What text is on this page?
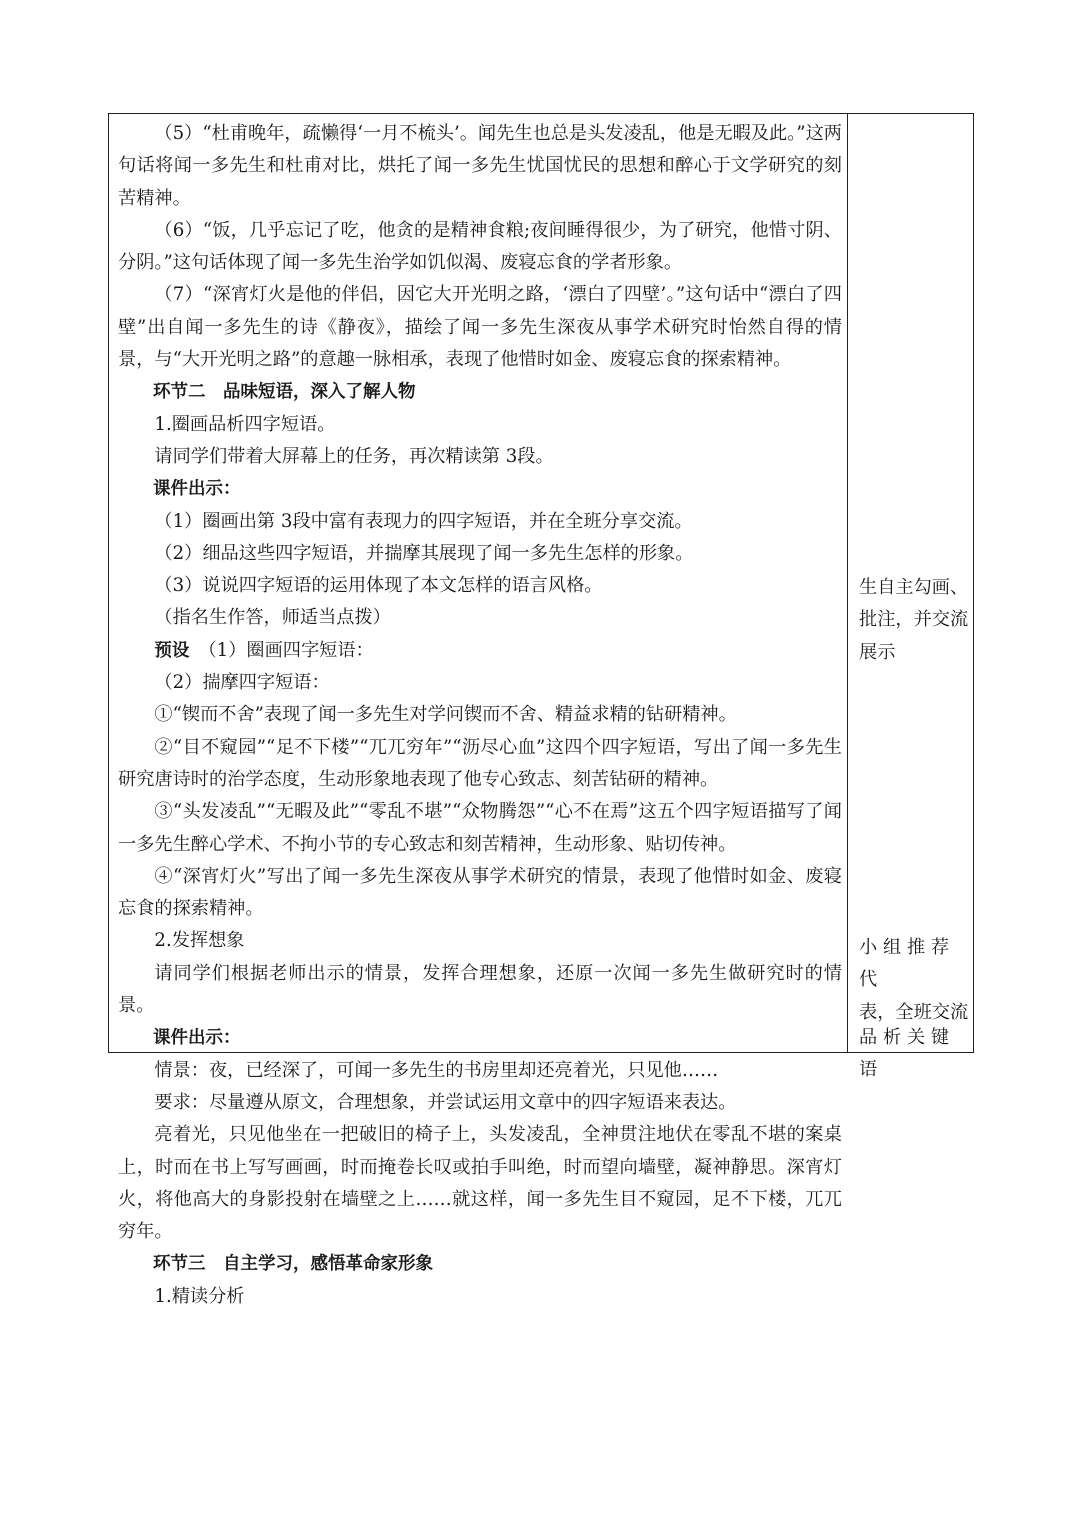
（5）“杜甫晚年，疏懒得‘一月不梳头’。闻先生也总是头发凌乱，他是无暇及此。”这两句话将闻一多先生和杜甫对比，烘托了闻一多先生忧国忧民的思想和醉心于文学研究的刻苦精神。

（6）“饭，几乎忘记了吃，他贪的是精神食粮;夜间睡得很少，为了研究，他惜寸阴、分阴。”这句话体现了闻一多先生治学如饥似渴、废寝忘食的学者形象。

（7）“深宵灯火是他的伴侣，因它大开光明之路，‘漂白了四壁’。”这句话中“漂白了四壁”出自闻一多先生的诗《静夜》，描绘了闻一多先生深夜从事学术研究时怡然自得的情景，与“大开光明之路”的意趣一脉相承，表现了他惜时如金、废寝忘食的探索精神。

环节二　品味短语，深入了解人物

1.圈画品析四字短语。

请同学们带着大屏幕上的任务，再次精读第 3段。

课件出示：

（1）圈画出第 3段中富有表现力的四字短语，并在全班分享交流。

（2）细品这些四字短语，并揣摩其展现了闻一多先生怎样的形象。

（3）说说四字短语的运用体现了本文怎样的语言风格。

（指名生作答，师适当点拨）

预设　（1）圈画四字短语：

（2）揣摩四字短语：

①“锲而不舍”表现了闻一多先生对学问锲而不舍、精益求精的钻研精神。

②“目不窥园”“足不下楼”“兀兀穷年”“沥尽心血”这四个四字短语，写出了闻一多先生研究唐诗时的治学态度，生动形象地表现了他专心致志、刻苦钻研的精神。

③“头发凌乱”“无暇及此”“零乱不堪”“众物腾怨”“心不在焉”这五个四字短语描写了闻一多先生醉心学术、不拘小节的专心致志和刻苦精神，生动形象、贴切传神。

④“深宵灯火”写出了闻一多先生深夜从事学术研究的情景，表现了他惜时如金、废寝忘食的探索精神。

2.发挥想象

请同学们根据老师出示的情景，发挥合理想象，还原一次闻一多先生做研究时的情景。

课件出示：

情景：夜，已经深了，可闻一多先生的书房里却还亮着光，只见他……

要求：尽量遵从原文，合理想象，并尝试运用文章中的四字短语来表达。

亮着光，只见他坐在一把破旧的椅子上，头发凌乱，全神贯注地伏在零乱不堪的案桌上，时而在书上写写画画，时而掩卷长叹或拍手叫绝，时而望向墙壁，凝神静思。深宵灯火，将他高大的身影投射在墙壁之上……就这样，闻一多先生目不窥园，足不下楼，兀兀穷年。

环节三　自主学习，感悟革命家形象

1.精读分析

生自主勾画、

批注，并交流

展示

小 组 推 荐 代

表，全班交流

品 析 关 键 语
